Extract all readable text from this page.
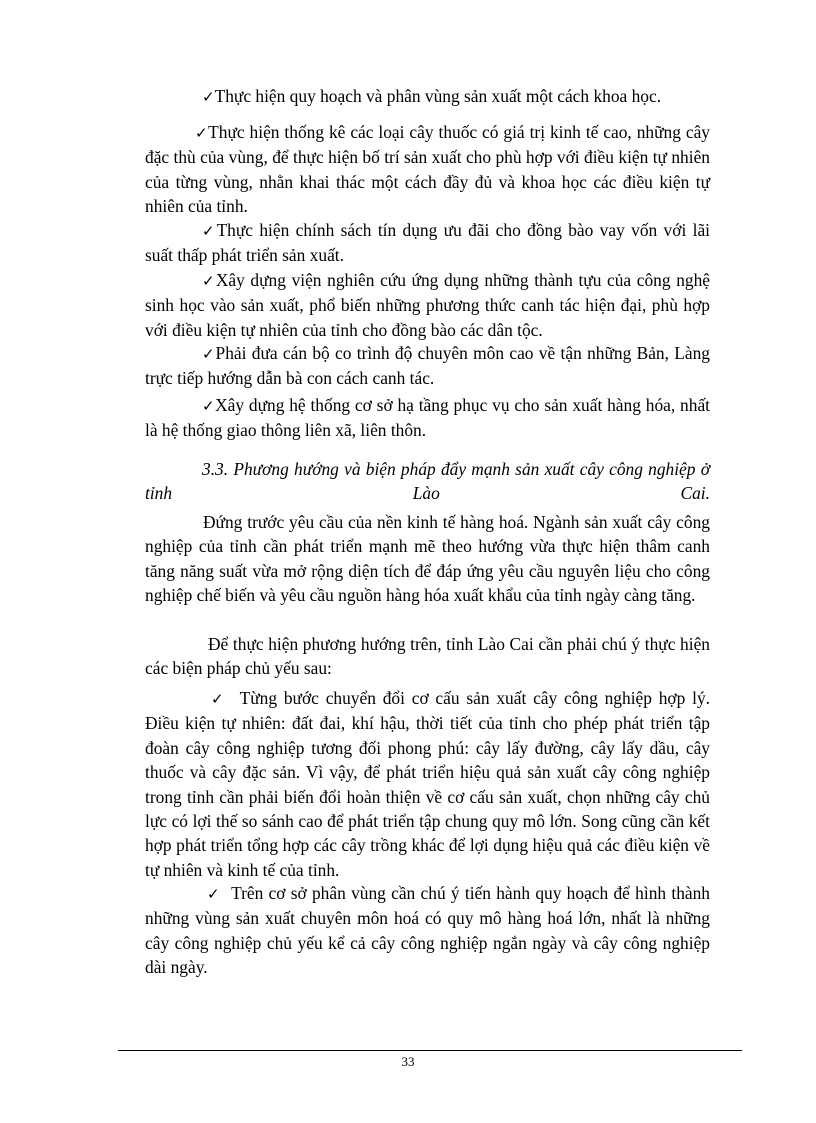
✓Thực hiện quy hoạch và phân vùng sản xuất một cách khoa học.

✓Thực hiện thống kê các loại cây thuốc có giá trị kinh tế cao, những cây đặc thù của vùng, để thực hiện bố trí sản xuất cho phù hợp với điều kiện tự nhiên của từng vùng, nhằn khai thác một cách đầy đủ và khoa học các điều kiện tự nhiên của tỉnh.

✓Thực hiện chính sách tín dụng ưu đãi cho đồng bào vay vốn với lãi suất thấp phát triển sản xuất.

✓Xây dựng viện nghiên cứu ứng dụng những thành tựu của công nghệ sinh học vào sản xuất, phổ biến những phương thức canh tác hiện đại, phù hợp với điều kiện tự nhiên của tỉnh cho đồng bào các dân tộc.

✓Phải đưa cán bộ co trình độ chuyên môn cao về tận những Bản, Làng trực tiếp hướng dẫn bà con cách canh tác.

✓Xây dựng hệ thống cơ sở hạ tầng phục vụ cho sản xuất hàng hóa, nhất là hệ thống giao thông liên xã, liên thôn.

3.3. Phương hướng và biện pháp đẩy mạnh sản xuất cây công nghiệp ở tỉnh Lào Cai.

Đứng trước yêu cầu của nền kinh tế hàng hoá. Ngành sản xuất cây công nghiệp của tỉnh cần phát triển mạnh mẽ theo hướng vừa thực hiện thâm canh tăng năng suất vừa mở rộng diện tích để đáp ứng yêu cầu nguyên liệu cho công nghiệp chế biến và yêu cầu nguồn hàng hóa xuất khẩu của tỉnh ngày càng tăng.

Để thực hiện phương hướng trên, tỉnh Lào Cai cần phải chú ý thực hiện các biện pháp chủ yếu sau:

✓ Từng bước chuyển đổi cơ cấu sản xuất cây công nghiệp hợp lý. Điều kiện tự nhiên: đất đai, khí hậu, thời tiết của tỉnh cho phép phát triển tập đoàn cây công nghiệp tương đối phong phú: cây lấy đường, cây lấy dầu, cây thuốc và cây đặc sản. Vì vậy, để phát triển hiệu quả sản xuất cây công nghiệp trong tỉnh cần phải biến đổi hoàn thiện về cơ cấu sản xuất, chọn những cây chủ lực có lợi thế so sánh cao để phát triển tập chung quy mô lớn. Song cũng cần kết hợp phát triển tổng hợp các cây trồng khác để lợi dụng hiệu quả các điều kiện về tự nhiên và kinh tế của tỉnh.

✓ Trên cơ sở phân vùng cần chú ý tiến hành quy hoạch để hình thành những vùng sản xuất chuyên môn hoá có quy mô hàng hoá lớn, nhất là những cây công nghiệp chủ yếu kể cả cây công nghiệp ngắn ngày và cây công nghiệp dài ngày.

33
